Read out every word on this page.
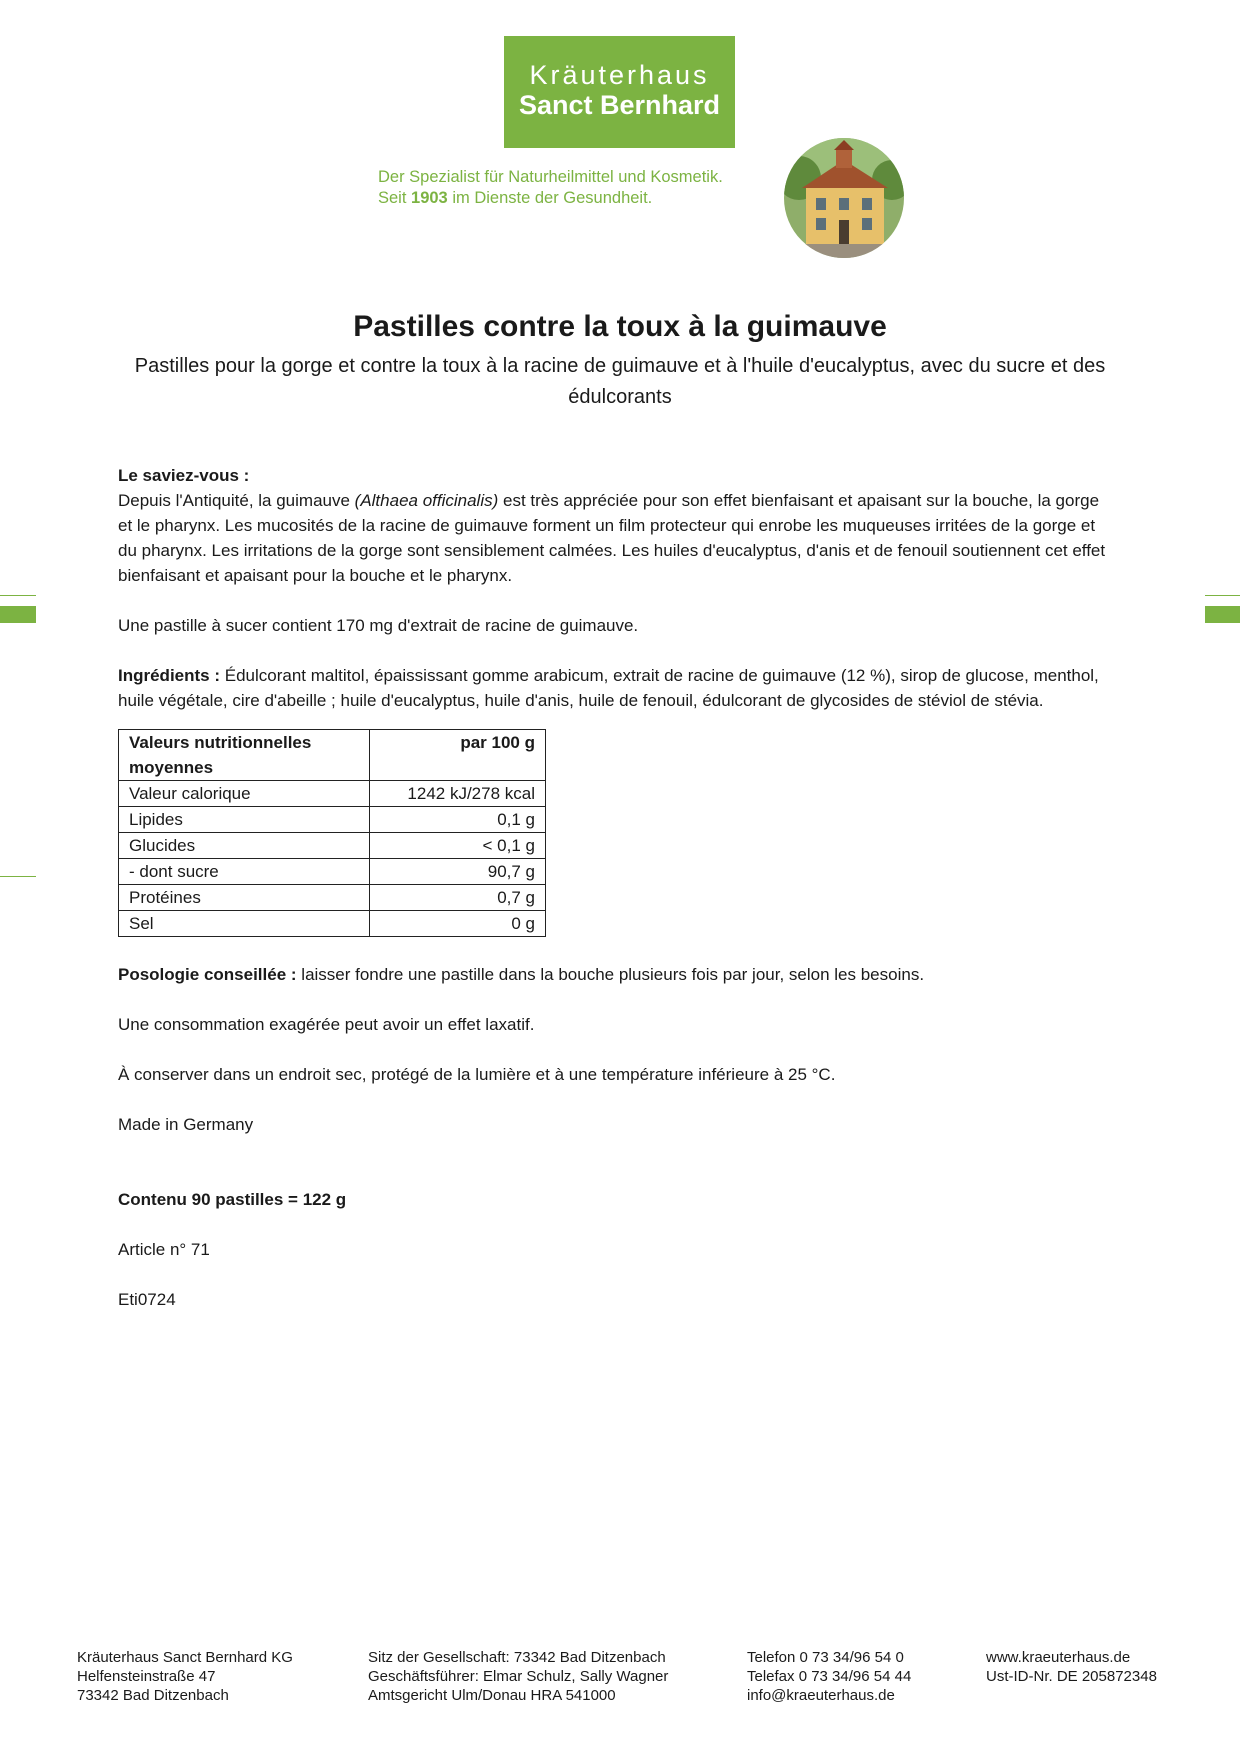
Kräuterhaus
Sanct Bernhard
Der Spezialist für Naturheilmittel und Kosmetik.
Seit 1903 im Dienste der Gesundheit.
Pastilles contre la toux à la guimauve
Pastilles pour la gorge et contre la toux à la racine de guimauve et à l'huile d'eucalyptus, avec du sucre et des édulcorants

Le saviez-vous :

Depuis l'Antiquité, la guimauve (Althaea officinalis) est très appréciée pour son effet bienfaisant et apaisant sur la bouche, la gorge et le pharynx. Les mucosités de la racine de guimauve forment un film protecteur qui enrobe les muqueuses irritées de la gorge et du pharynx. Les irritations de la gorge sont sensiblement calmées. Les huiles d'eucalyptus, d'anis et de fenouil soutiennent cet effet bienfaisant et apaisant pour la bouche et le pharynx.

Une pastille à sucer contient 170 mg d'extrait de racine de guimauve.

Ingrédients : Édulcorant maltitol, épaississant gomme arabicum, extrait de racine de guimauve (12 %), sirop de glucose, menthol, huile végétale, cire d'abeille ; huile d'eucalyptus, huile d'anis, huile de fenouil, édulcorant de glycosides de stéviol de stévia.

Valeurs nutritionnelles moyennes	par 100 g
Valeur calorique	1242 kJ/278 kcal
Lipides	0,1 g
Glucides	< 0,1 g
- dont sucre	90,7 g
Protéines	0,7 g
Sel	0 g

Posologie conseillée : laisser fondre une pastille dans la bouche plusieurs fois par jour, selon les besoins.

Une consommation exagérée peut avoir un effet laxatif.

À conserver dans un endroit sec, protégé de la lumière et à une température inférieure à 25 °C.

Made in Germany

Contenu 90 pastilles = 122 g

Article n° 71

Eti0724

Kräuterhaus Sanct Bernhard KG
Helfensteinstraße 47
73342 Bad Ditzenbach
Sitz der Gesellschaft: 73342 Bad Ditzenbach
Geschäftsführer: Elmar Schulz, Sally Wagner
Amtsgericht Ulm/Donau HRA 541000
Telefon 0 73 34/96 54 0
Telefax 0 73 34/96 54 44
info@kraeuterhaus.de
www.kraeuterhaus.de
Ust-ID-Nr. DE 205872348
